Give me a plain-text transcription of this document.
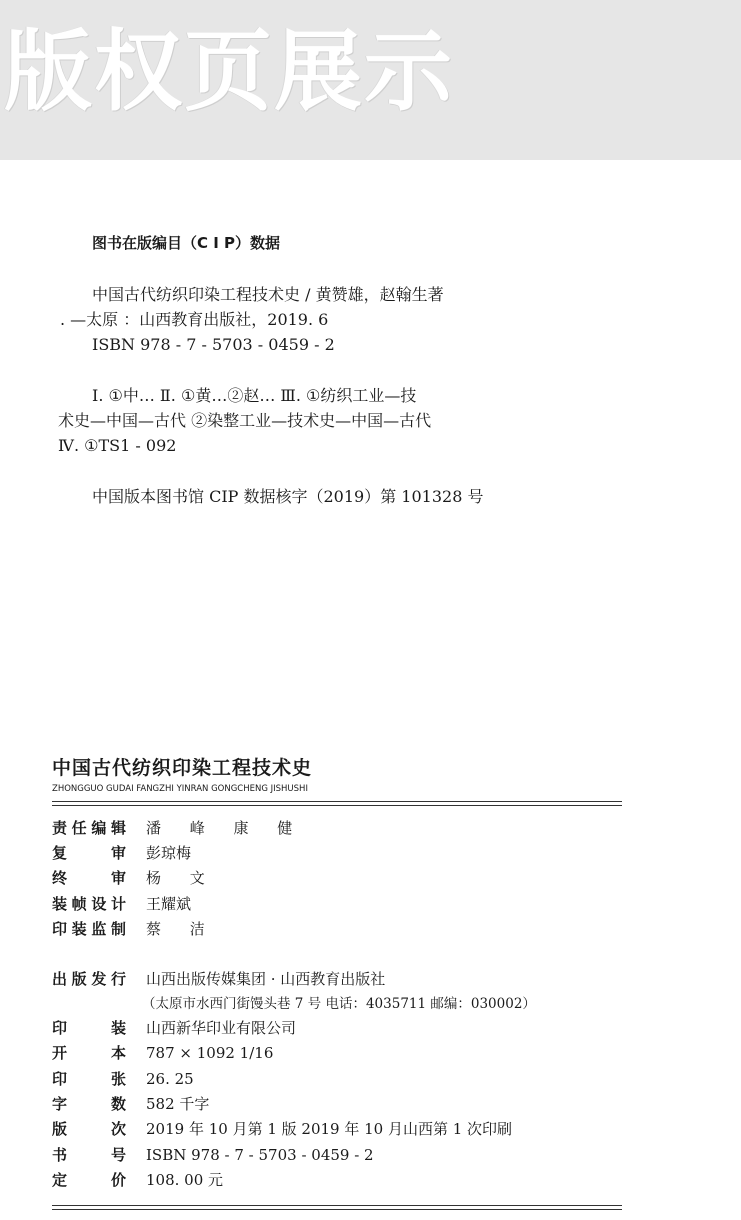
版权页展示
图书在版编目（C I P）数据
中国古代纺织印染工程技术史 / 黄赞雄，赵翰生著
. —太原 ：山西教育出版社，2019. 6
ISBN 978 - 7 - 5703 - 0459 - 2
Ⅰ. ①中… Ⅱ. ①黄…②赵… Ⅲ. ①纺织工业—技
术史—中国—古代 ②染整工业—技术史—中国—古代
Ⅳ. ①TS1 - 092
中国版本图书馆 CIP 数据核字（2019）第 101328 号
中国古代纺织印染工程技术史
ZHONGGUO GUDAI FANGZHI YINRAN GONGCHENG JISHUSHI
责 任 编 辑 潘 峰 康 健
复	审 彭琼梅
终	审 杨 文
装 帧 设 计 王耀斌
印 装 监 制 蔡 洁
出 版 发 行 山西出版传媒集团 · 山西教育出版社
（太原市水西门街馒头巷 7 号 电话：4035711 邮编：030002）
印	装 山西新华印业有限公司
开	本 787 × 1092 1/16
印	张 26. 25
字	数 582 千字
版	次 2019 年 10 月第 1 版 2019 年 10 月山西第 1 次印刷
书	号 ISBN 978 - 7 - 5703 - 0459 - 2
定	价 108. 00 元
